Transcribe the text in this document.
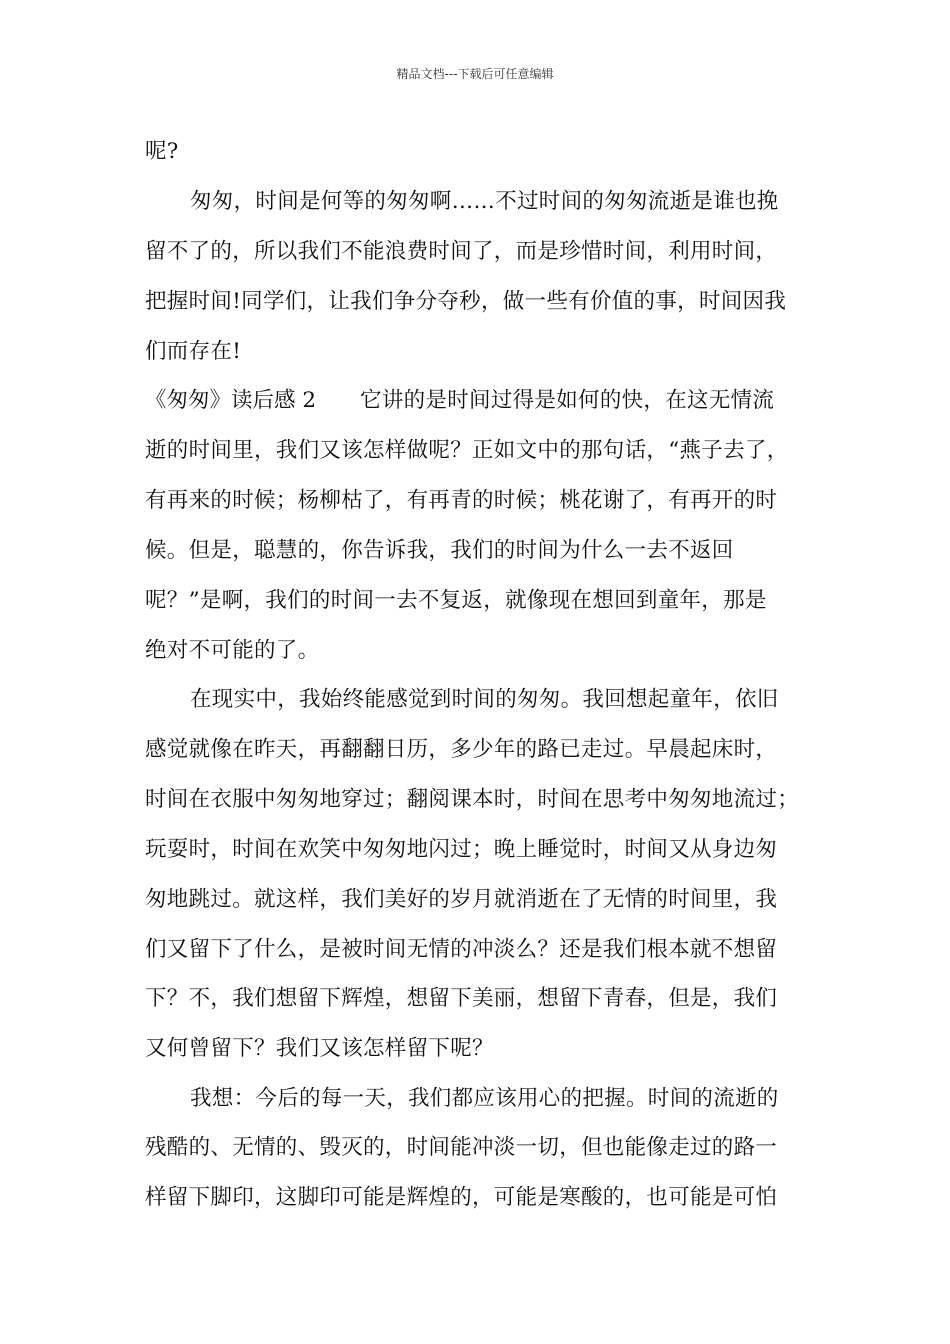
精品文档---下载后可任意编辑
呢?
匆匆，时间是何等的匆匆啊……不过时间的匆匆流逝是谁也挽
留不了的，所以我们不能浪费时间了，而是珍惜时间，利用时间，
把握时间!同学们，让我们争分夺秒，做一些有价值的事，时间因我
们而存在!
《匆匆》读后感 2 它讲的是时间过得是如何的快，在这无情流
逝的时间里，我们又该怎样做呢？正如文中的那句话，“燕子去了，
有再来的时候；杨柳枯了，有再青的时候；桃花谢了，有再开的时
候。但是，聪慧的，你告诉我，我们的时间为什么一去不返回
呢？”是啊，我们的时间一去不复返，就像现在想回到童年，那是
绝对不可能的了。
在现实中，我始终能感觉到时间的匆匆。我回想起童年，依旧
感觉就像在昨天，再翻翻日历，多少年的路已走过。早晨起床时，
时间在衣服中匆匆地穿过；翻阅课本时，时间在思考中匆匆地流过；
玩耍时，时间在欢笑中匆匆地闪过；晚上睡觉时，时间又从身边匆
匆地跳过。就这样，我们美好的岁月就消逝在了无情的时间里，我
们又留下了什么，是被时间无情的冲淡么？还是我们根本就不想留
下？不，我们想留下辉煌，想留下美丽，想留下青春，但是，我们
又何曾留下？我们又该怎样留下呢？
我想：今后的每一天，我们都应该用心的把握。时间的流逝的
残酷的、无情的、毁灭的，时间能冲淡一切，但也能像走过的路一
样留下脚印，这脚印可能是辉煌的，可能是寒酸的，也可能是可怕
